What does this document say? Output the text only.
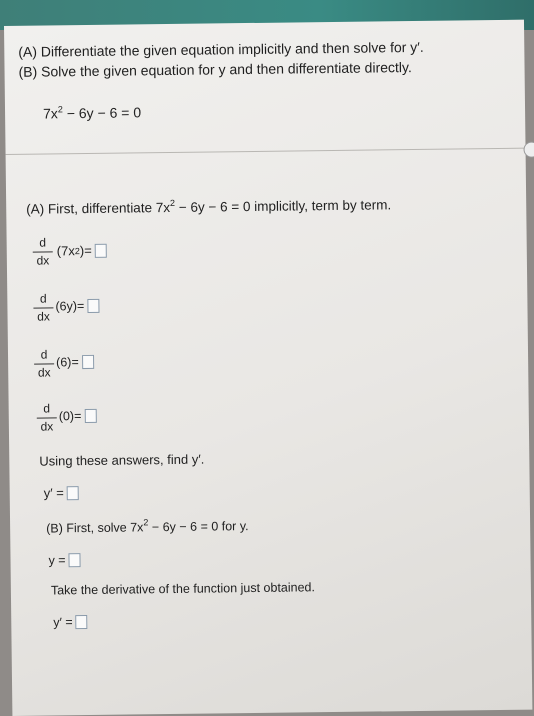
(A) Differentiate the given equation implicitly and then solve for y′.
(B) Solve the given equation for y and then differentiate directly.
$7x^2 - 6y - 6 = 0$
(A) First, differentiate $7x^2 - 6y - 6 = 0$ implicitly, term by term.
d
dx
(7x 2 ) =
d
dx
(6y) =
d
dx
(6) =
d
dx
(0) =
Using these answers, find y′.
y′ =
(B) First, solve $7x^2 - 6y - 6 = 0$ for y.
y =
Take the derivative of the function just obtained.
y′ =
